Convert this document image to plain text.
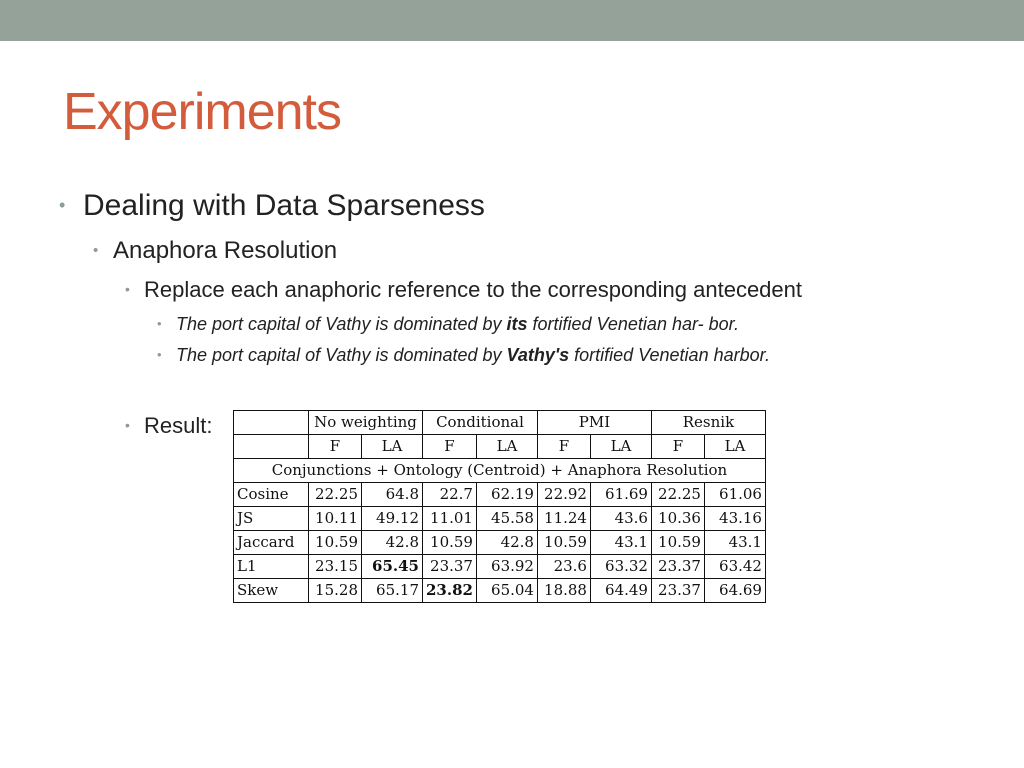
Experiments
• Dealing with Data Sparseness
• Anaphora Resolution
• Replace each anaphoric reference to the corresponding antecedent
• The port capital of Vathy is dominated by its fortified Venetian har- bor.
• The port capital of Vathy is dominated by Vathy's fortified Venetian harbor.
• Result:
		No weighting		Conditional		PMI		Resnik	
	F	LA	F	LA	F	LA	F	LA
Conjunctions + Ontology (Centroid) + Anaphora Resolution								
Cosine	22.25	64.8	22.7	62.19	22.92	61.69	22.25	61.06
JS	10.11	49.12	11.01	45.58	11.24	43.6	10.36	43.16
Jaccard	10.59	42.8	10.59	42.8	10.59	43.1	10.59	43.1
L1	23.15	65.45	23.37	63.92	23.6	63.32	23.37	63.42
Skew	15.28	65.17	23.82	65.04	18.88	64.49	23.37	64.69
